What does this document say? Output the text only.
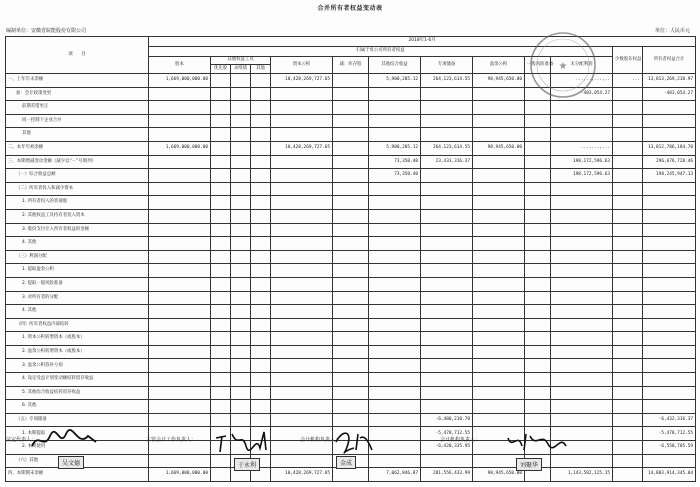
合并所有者权益变动表
编制单位：安徽省皖能股份有限公司	单位：人民币元
项　　目	2018年1-6月												
	归属于母公司所有者权益											少数股东权益	所有者权益合计
	股本	其他权益工具			资本公积	减：库存股	其他综合收益	专项储备	盈余公积	一般风险准备	未分配利润		
		优先股	永续债	其他									
一、上年年末余额	1,669,000,000.00				10,428,269,727.65		5,900,285.12	264,123,614.55	98,945,650.00		...,..,...,..	...	13,813,269,238.97
加：会计政策变更											-483,054.27		-483,054.27
前期差错更正													
同一控制下企业合并													
其他													
二、本年年初余额	1,669,000,000.00				10,428,269,727.65		5,900,285.12	264,123,614.55	98,945,650.00		...,...,...		13,812,786,184.70
三、本期增减变动金额（减少以“－”号填列）							73,350.40	23,433,316.37			198,172,596.63		296,676,728.46
（一）综合收益总额							73,350.40				198,172,596.63		198,245,947.13
（二）所有者投入和减少资本													
1. 所有者投入的普通股													
2. 其他权益工具持有者投入资本													
3. 股份支付计入所有者权益的金额													
4. 其他													
（三）利润分配													
1. 提取盈余公积													
2. 提取一般风险准备													
3. 对所有者的分配													
4. 其他													
（四）所有者权益内部结转													
1. 资本公积转增资本（或股本）													
2. 盈余公积转增资本（或股本）													
3. 盈余公积弥补亏损													
4. 设定受益计划变动额结转留存收益													
5. 其他综合收益结转留存收益													
6. 其他													
（五）专项储备								-6,480,210.70					-6,432,316.37
1. 本期提取								-5,478,712.55					-5,478,712.55
2. 本期使用								-6,420,335.95					-6,550,705.59
（六）其他													
四、本期期末余额	1,669,000,000.00				10,428,269,727.65		7,062,846.87	281,556,433.99	98,945,650.00		1,143,582,125.15		14,883,914,345.84
法定代表人：
吴文德
主管会计工作负责人：
于永利
会计机构负责人：
金成
会计机构负责人：
刘聚华
★
